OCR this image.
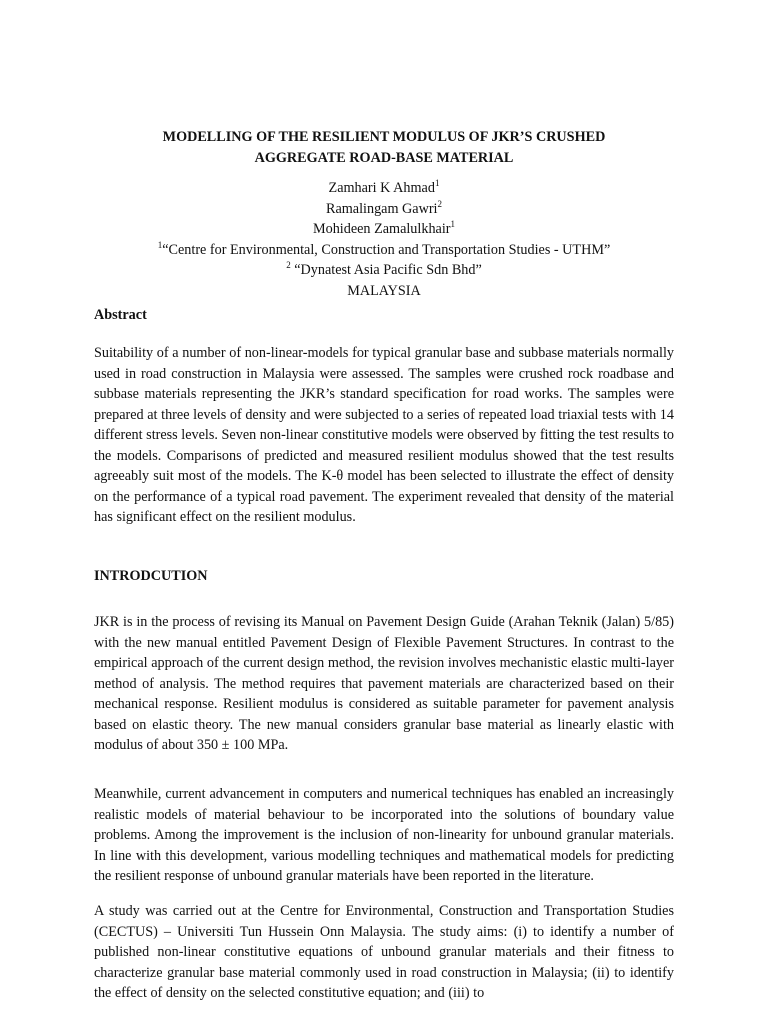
MODELLING OF THE RESILIENT MODULUS OF JKR’S CRUSHED
AGGREGATE ROAD-BASE MATERIAL
Zamhari K Ahmad$^1$
Ramalingam Gawri$^2$
Mohideen Zamalulkhair$^1$
$^1$“Centre for Environmental, Construction and Transportation Studies - UTHM”
$^2$ “Dynatest Asia Pacific Sdn Bhd”
MALAYSIA
Abstract
Suitability of a number of non-linear-models for typical granular base and subbase materials normally used in road construction in Malaysia were assessed. The samples were crushed rock roadbase and subbase materials representing the JKR’s standard specification for road works. The samples were prepared at three levels of density and were subjected to a series of repeated load triaxial tests with 14 different stress levels. Seven non-linear constitutive models were observed by fitting the test results to the models. Comparisons of predicted and measured resilient modulus showed that the test results agreeably suit most of the models. The K-θ model has been selected to illustrate the effect of density on the performance of a typical road pavement. The experiment revealed that density of the material has significant effect on the resilient modulus.
INTRODCUTION
JKR is in the process of revising its Manual on Pavement Design Guide (Arahan Teknik (Jalan) 5/85) with the new manual entitled Pavement Design of Flexible Pavement Structures. In contrast to the empirical approach of the current design method, the revision involves mechanistic elastic multi-layer method of analysis. The method requires that pavement materials are characterized based on their mechanical response. Resilient modulus is considered as suitable parameter for pavement analysis based on elastic theory. The new manual considers granular base material as linearly elastic with modulus of about 350 ± 100 MPa.
Meanwhile, current advancement in computers and numerical techniques has enabled an increasingly realistic models of material behaviour to be incorporated into the solutions of boundary value problems. Among the improvement is the inclusion of non-linearity for unbound granular materials. In line with this development, various modelling techniques and mathematical models for predicting the resilient response of unbound granular materials have been reported in the literature.
A study was carried out at the Centre for Environmental, Construction and Transportation Studies (CECTUS) – Universiti Tun Hussein Onn Malaysia. The study aims: (i) to identify a number of published non-linear constitutive equations of unbound granular materials and their fitness to characterize granular base material commonly used in road construction in Malaysia; (ii) to identify the effect of density on the selected constitutive equation; and (iii) to
